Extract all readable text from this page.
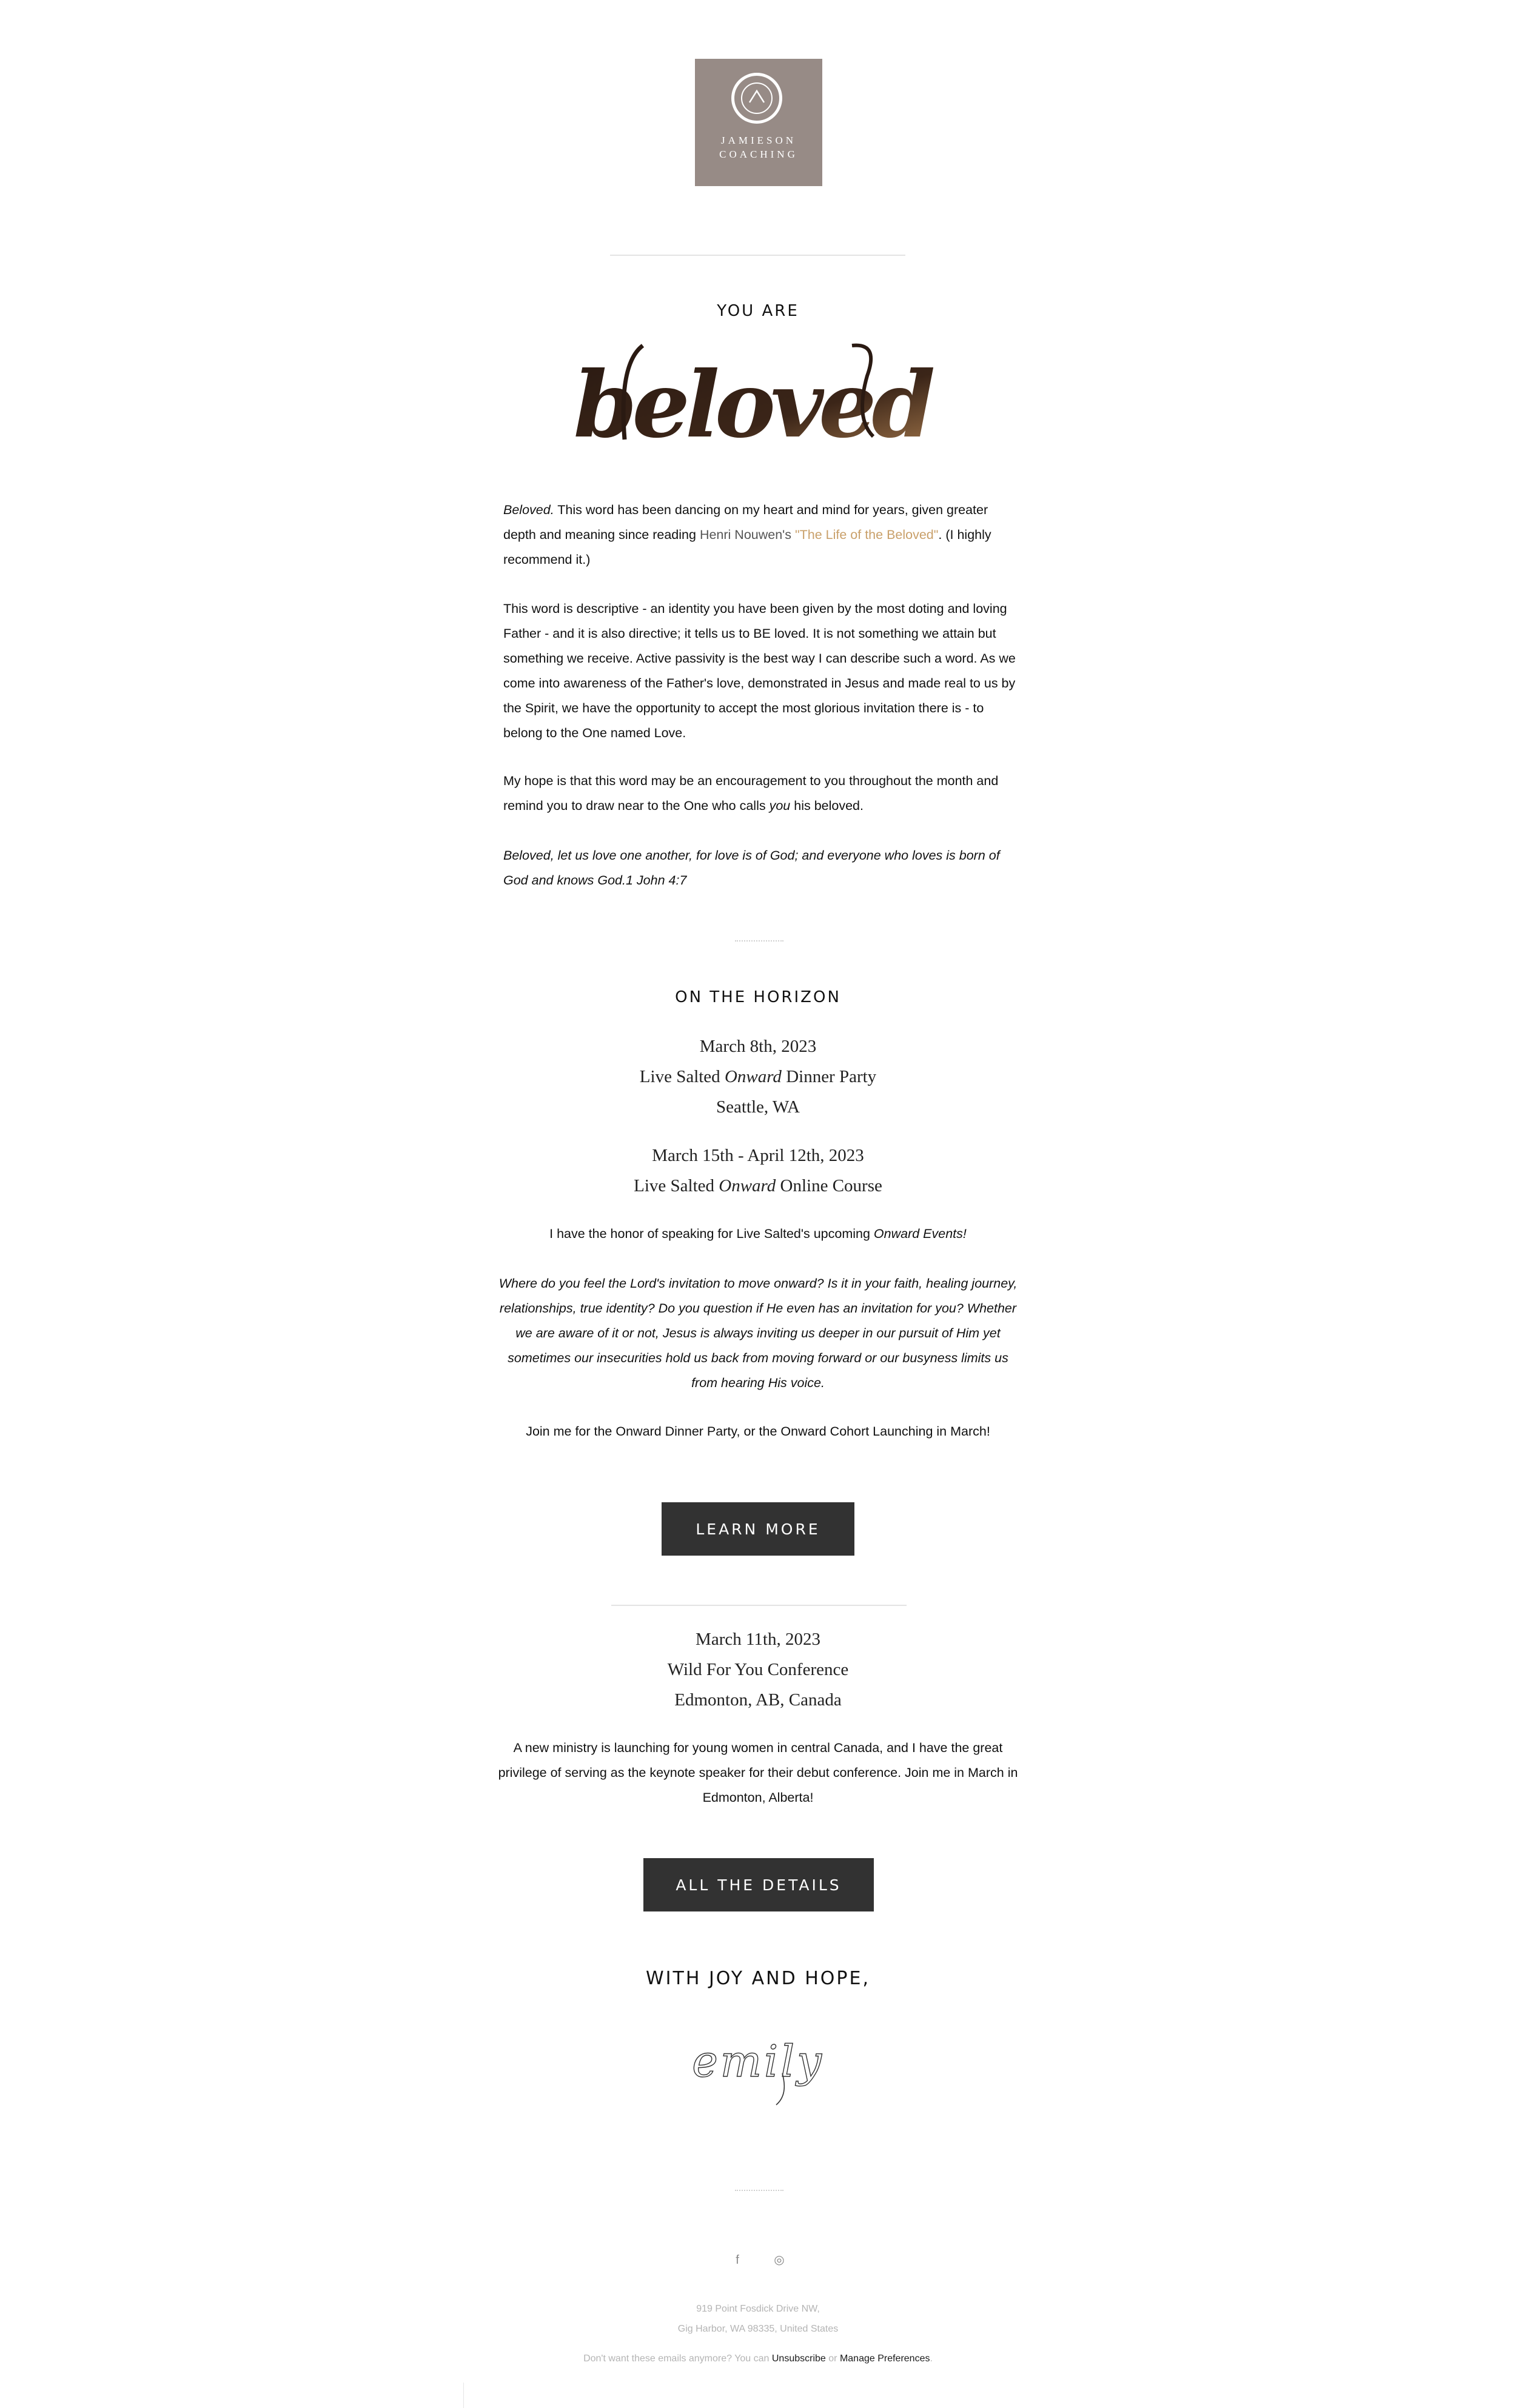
JAMIESON
COACHING
YOU ARE
beloved
Beloved. This word has been dancing on my heart and mind for years, given greater depth and meaning since reading Henri Nouwen's "The Life of the Beloved". (I highly recommend it.)
This word is descriptive - an identity you have been given by the most doting and loving Father - and it is also directive; it tells us to BE loved. It is not something we attain but something we receive. Active passivity is the best way I can describe such a word. As we come into awareness of the Father's love, demonstrated in Jesus and made real to us by the Spirit, we have the opportunity to accept the most glorious invitation there is - to belong to the One named Love.
My hope is that this word may be an encouragement to you throughout the month and remind you to draw near to the One who calls you his beloved.
Beloved, let us love one another, for love is of God; and everyone who loves is born of God and knows God.1 John 4:7
ON THE HORIZON
March 8th, 2023
Live Salted Onward Dinner Party
Seattle, WA
March 15th - April 12th, 2023
Live Salted Onward Online Course
I have the honor of speaking for Live Salted's upcoming Onward Events!
Where do you feel the Lord's invitation to move onward? Is it in your faith, healing journey, relationships, true identity? Do you question if He even has an invitation for you? Whether we are aware of it or not, Jesus is always inviting us deeper in our pursuit of Him yet sometimes our insecurities hold us back from moving forward or our busyness limits us from hearing His voice.
Join me for the Onward Dinner Party, or the Onward Cohort Launching in March!
LEARN MORE
March 11th, 2023
Wild For You Conference
Edmonton, AB, Canada
A new ministry is launching for young women in central Canada, and I have the great privilege of serving as the keynote speaker for their debut conference. Join me in March in Edmonton, Alberta!
ALL THE DETAILS
WITH JOY AND HOPE,
emily
f	◎
919 Point Fosdick Drive NW,
Gig Harbor, WA 98335, United States
Don't want these emails anymore? You can Unsubscribe or Manage Preferences.
